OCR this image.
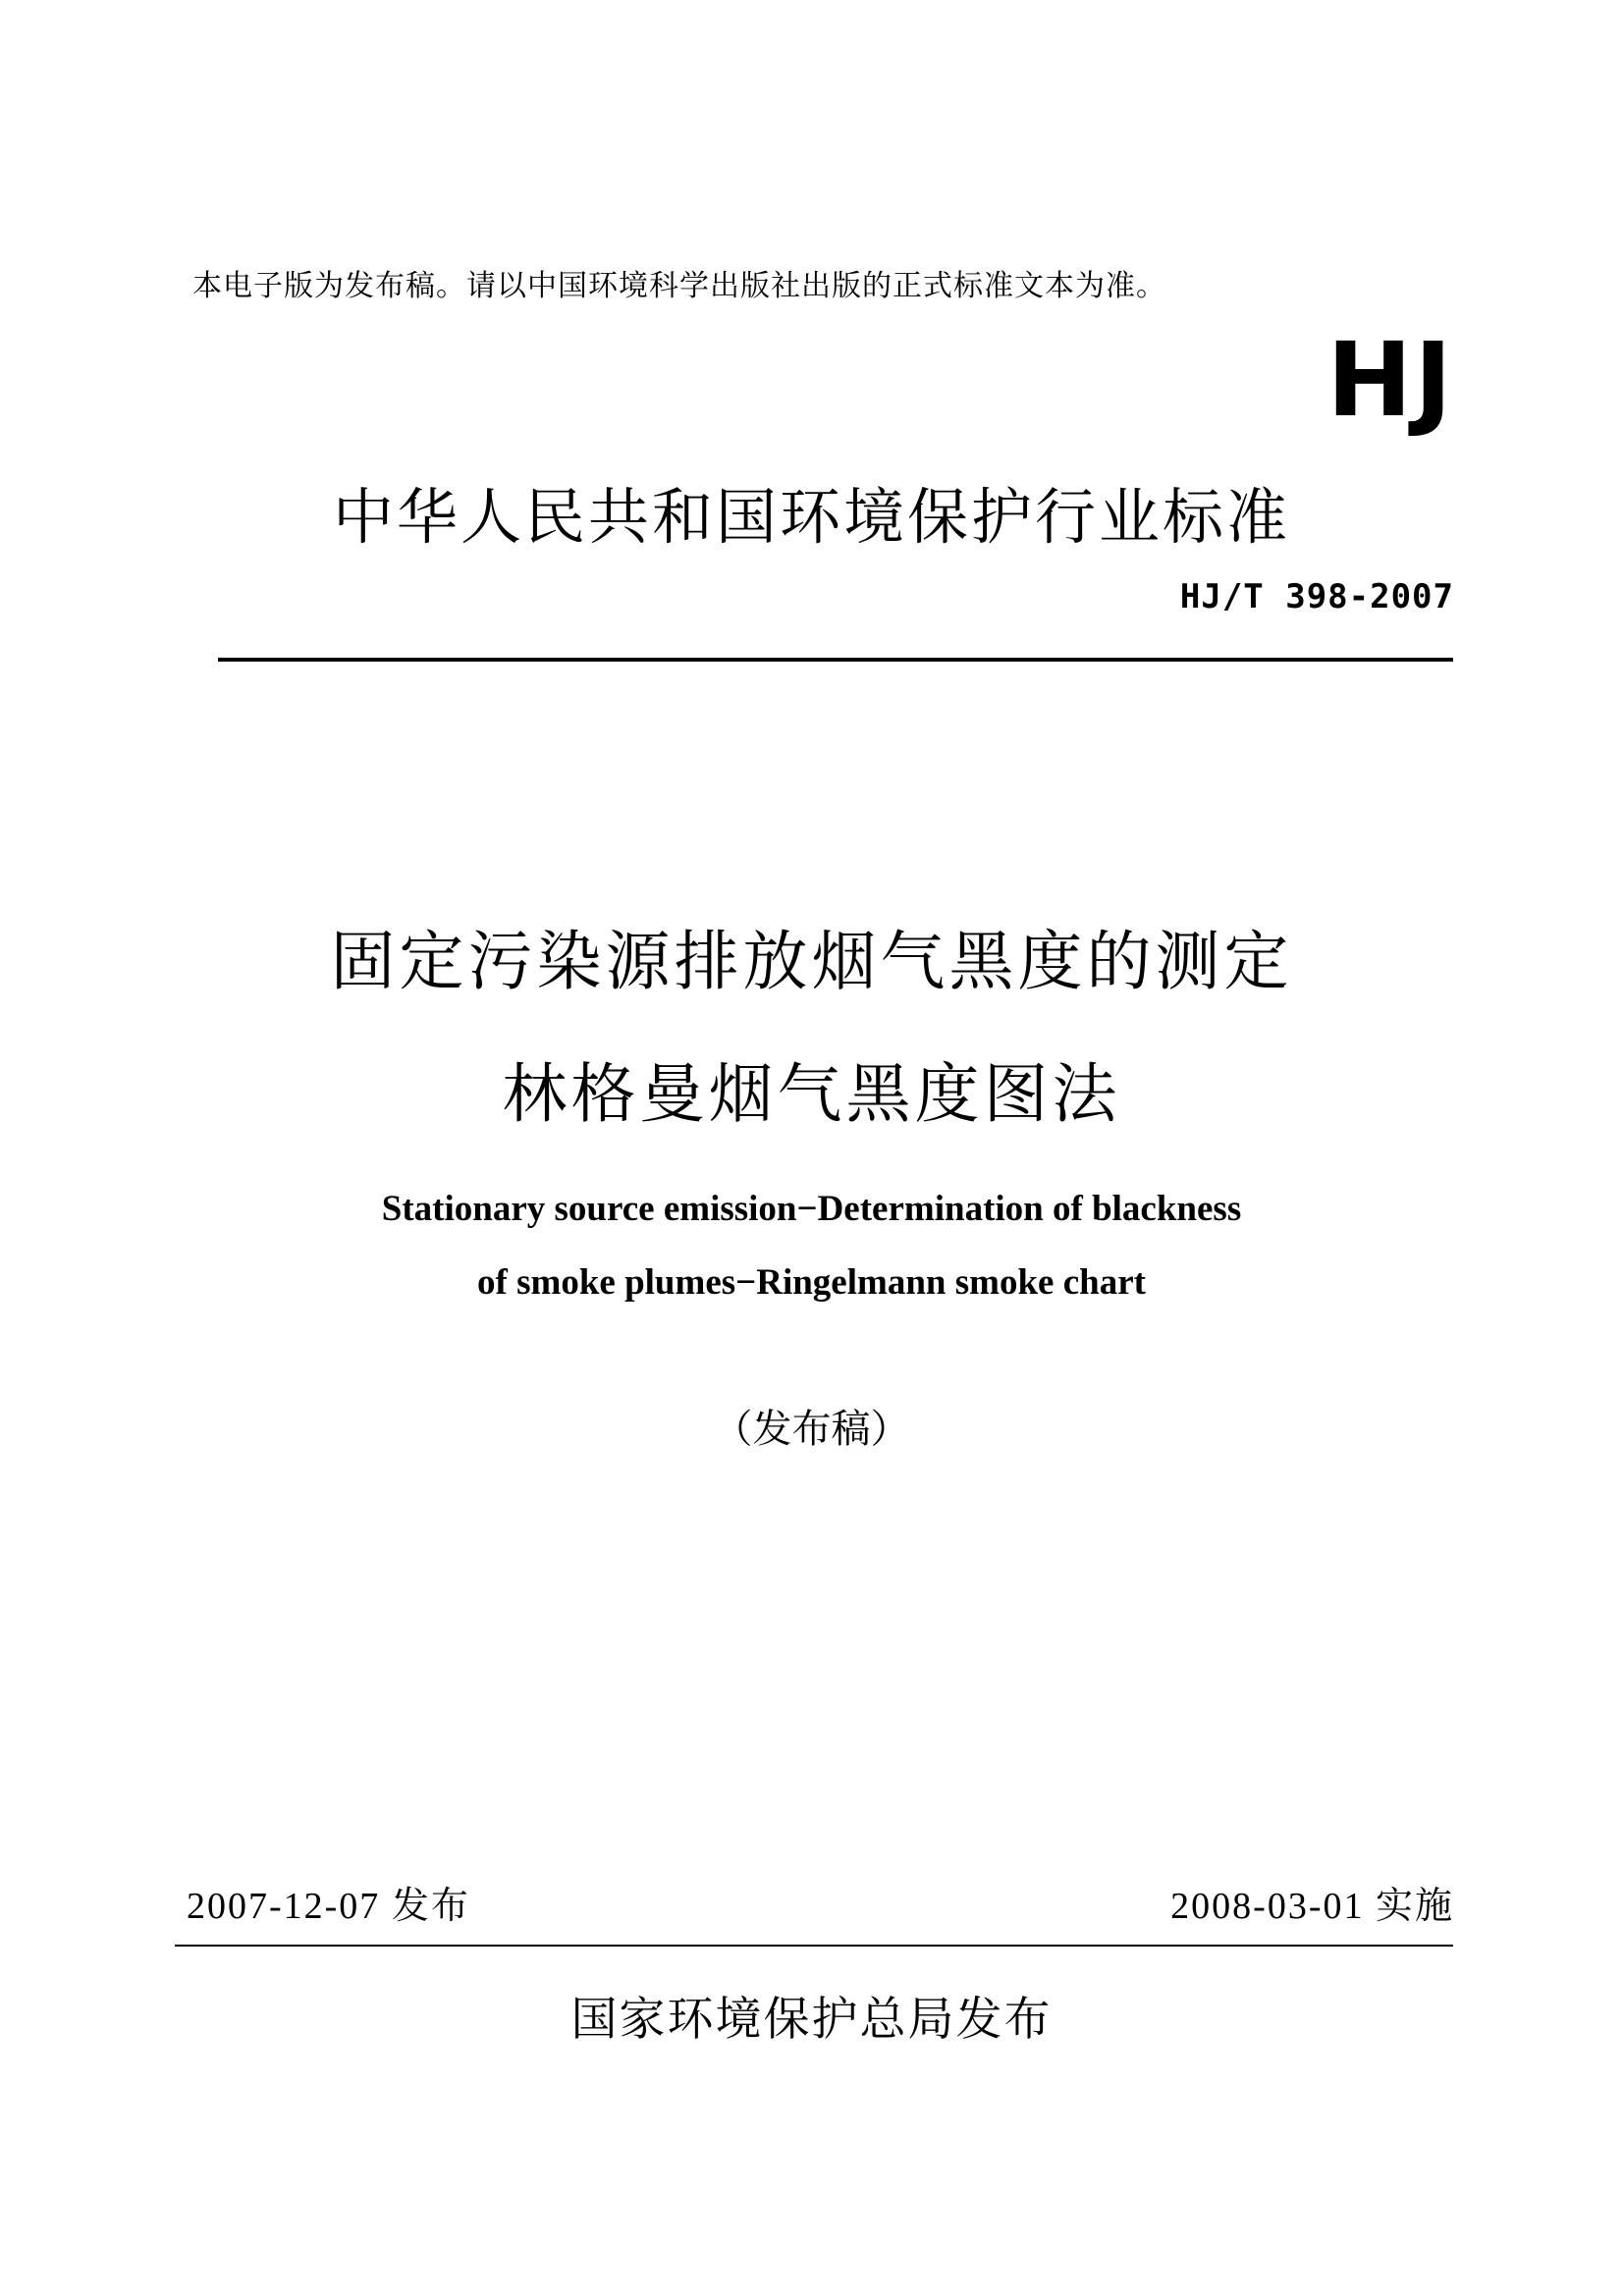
本电子版为发布稿。请以中国环境科学出版社出版的正式标准文本为准。
HJ
中华人民共和国环境保护行业标准
HJ/T 398-2007
固定污染源排放烟气黑度的测定
林格曼烟气黑度图法
Stationary source emission−Determination of blackness
of smoke plumes−Ringelmann smoke chart
（发布稿）
2007-12-07 发布	2008-03-01 实施
国家环境保护总局发布
